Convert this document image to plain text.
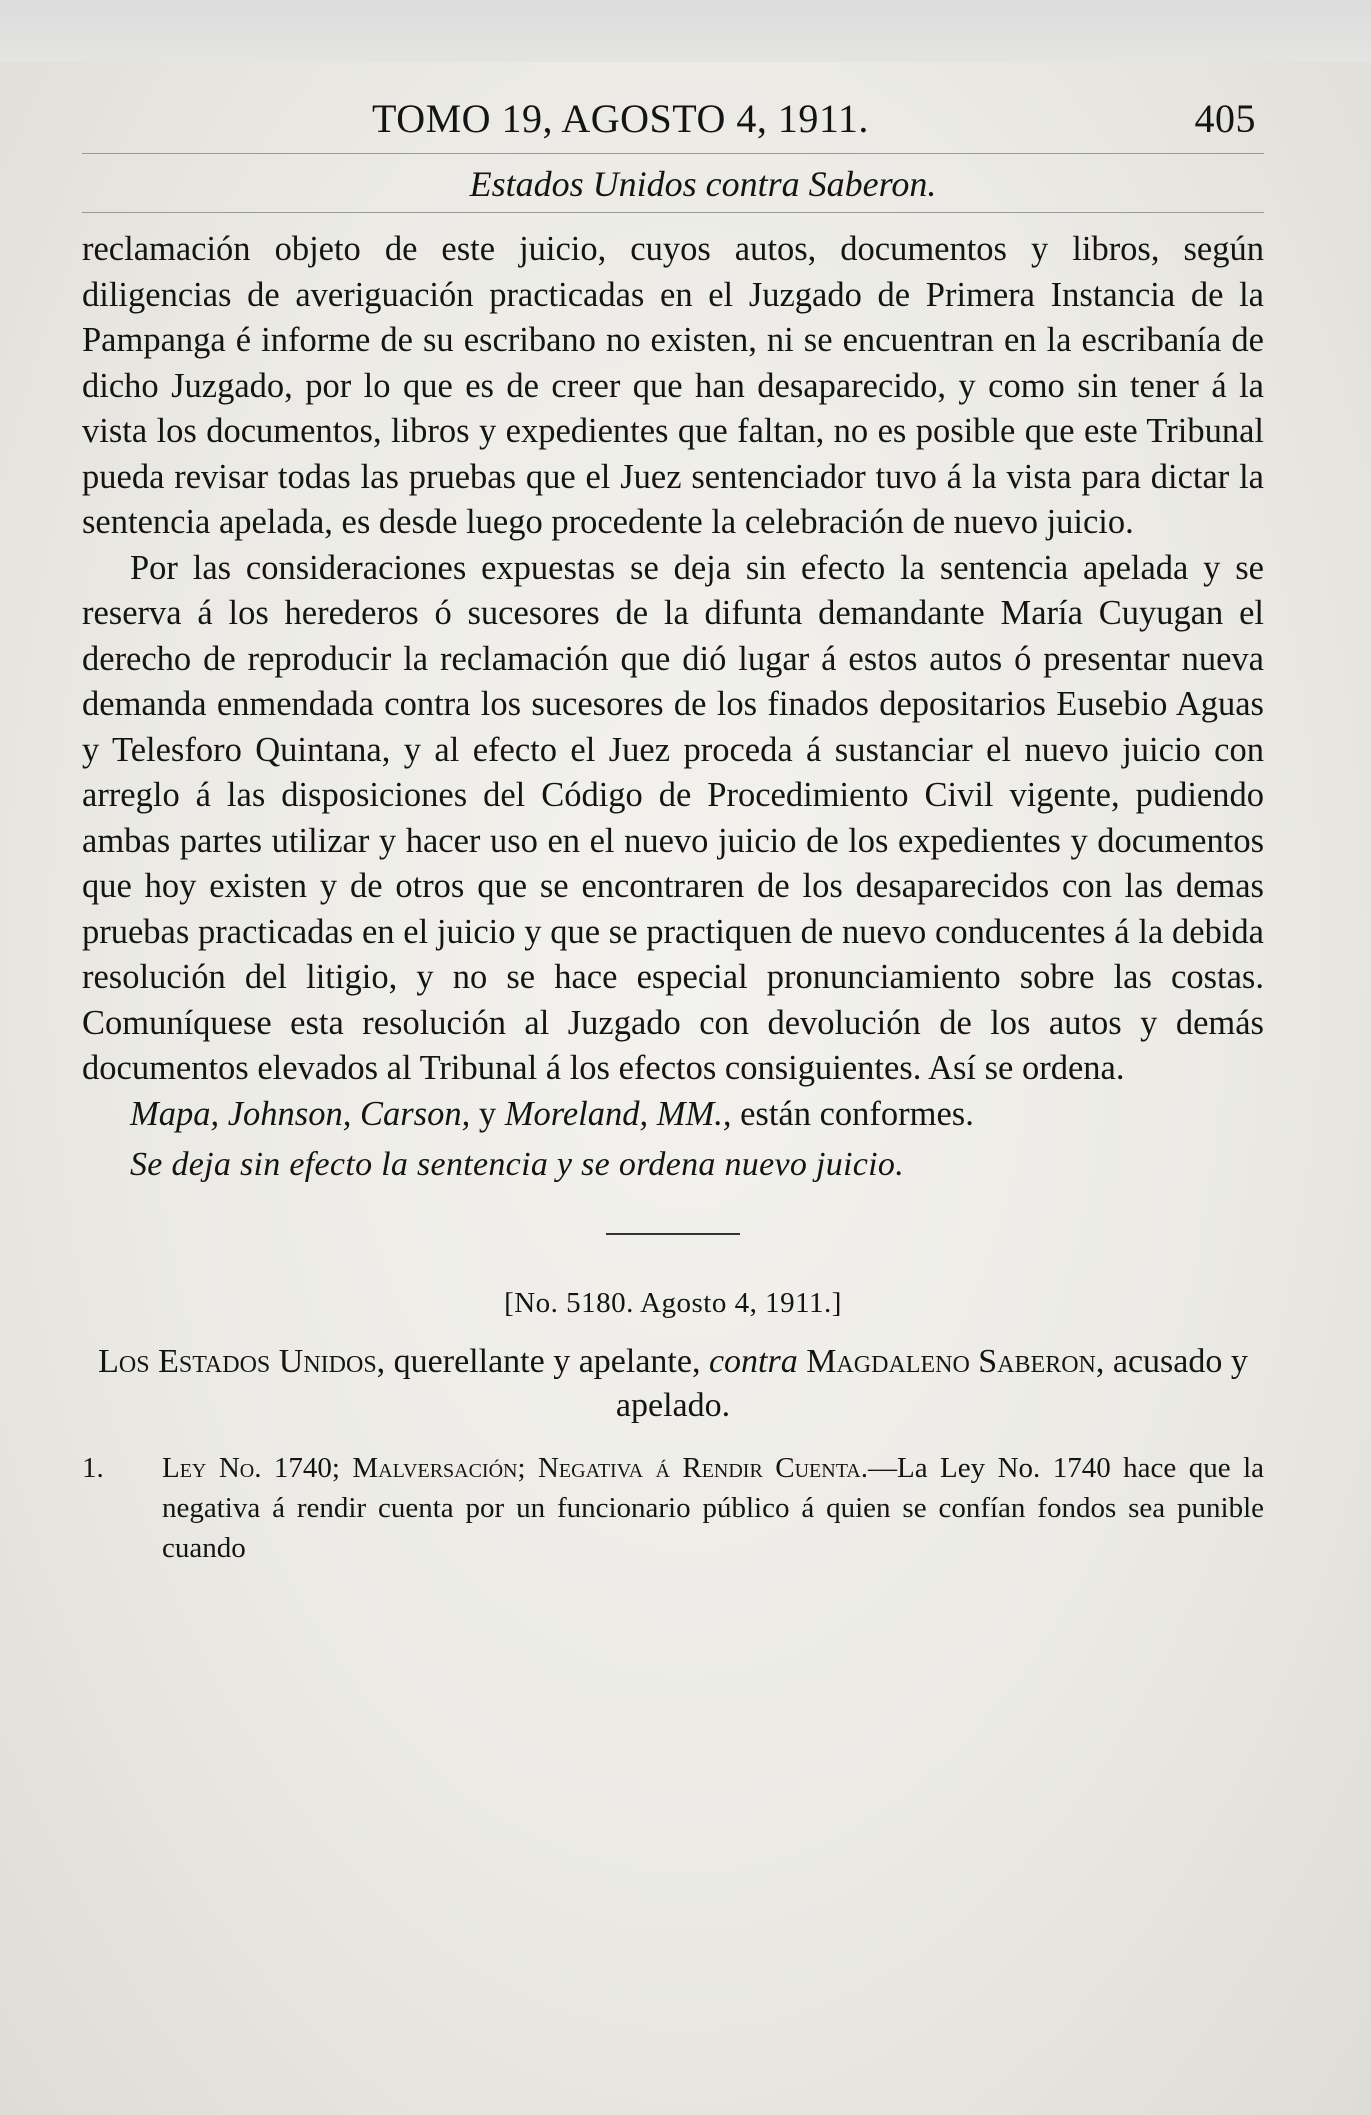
TOMO 19, AGOSTO 4, 1911.	405
Estados Unidos contra Saberon.

reclamación objeto de este juicio, cuyos autos, documentos y libros, según diligencias de averiguación practicadas en el Juzgado de Primera Instancia de la Pampanga é informe de su escribano no existen, ni se encuentran en la escribanía de dicho Juzgado, por lo que es de creer que han desaparecido, y como sin tener á la vista los documentos, libros y expedientes que faltan, no es posible que este Tribunal pueda revisar todas las pruebas que el Juez sentenciador tuvo á la vista para dictar la sentencia apelada, es desde luego procedente la celebración de nuevo juicio.

Por las consideraciones expuestas se deja sin efecto la sentencia apelada y se reserva á los herederos ó sucesores de la difunta demandante María Cuyugan el derecho de reproducir la reclamación que dió lugar á estos autos ó presentar nueva demanda enmendada contra los sucesores de los finados depositarios Eusebio Aguas y Telesforo Quintana, y al efecto el Juez proceda á sustanciar el nuevo juicio con arreglo á las disposiciones del Código de Procedimiento Civil vigente, pudiendo ambas partes utilizar y hacer uso en el nuevo juicio de los expedientes y documentos que hoy existen y de otros que se encontraren de los desaparecidos con las demas pruebas practicadas en el juicio y que se practiquen de nuevo conducentes á la debida resolución del litigio, y no se hace especial pronunciamiento sobre las costas. Comuníquese esta resolución al Juzgado con devolución de los autos y demás documentos elevados al Tribunal á los efectos consiguientes. Así se ordena.

Mapa, Johnson, Carson, y Moreland, MM., están conformes.

Se deja sin efecto la sentencia y se ordena nuevo juicio.
[No. 5180. Agosto 4, 1911.]
Los Estados Unidos, querellante y apelante, contra Magdaleno Saberon, acusado y apelado.
1. Ley No. 1740; Malversación; Negativa á Rendir Cuenta.—La Ley No. 1740 hace que la negativa á rendir cuenta por un funcionario público á quien se confían fondos sea punible cuando
